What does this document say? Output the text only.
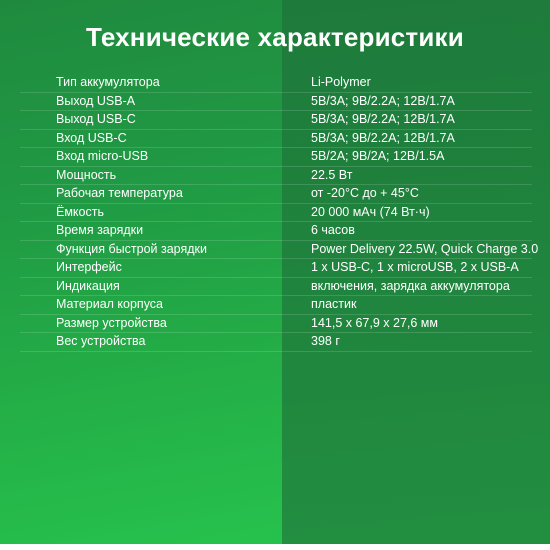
Технические характеристики
Тип аккумулятора	Li-Polymer
Выход USB-A	5В/3А; 9В/2.2А; 12В/1.7А
Выход USB-C	5В/3А; 9В/2.2А; 12В/1.7А
Вход USB-C	5В/3А; 9В/2.2А; 12В/1.7А
Вход micro-USB	5В/2А; 9В/2А; 12В/1.5А
Мощность	22.5 Вт
Рабочая температура	от -20°С до + 45°С
Ёмкость	20 000 мАч (74 Вт·ч)
Время зарядки	6 часов
Функция быстрой зарядки	Power Delivery 22.5W, Quick Charge 3.0
Интерфейс	1 х USB-C, 1 х microUSB, 2 х USB-A
Индикация	включения, зарядка аккумулятора
Материал корпуса	пластик
Размер устройства	141,5 х 67,9 х 27,6 мм
Вес устройства	398 г
